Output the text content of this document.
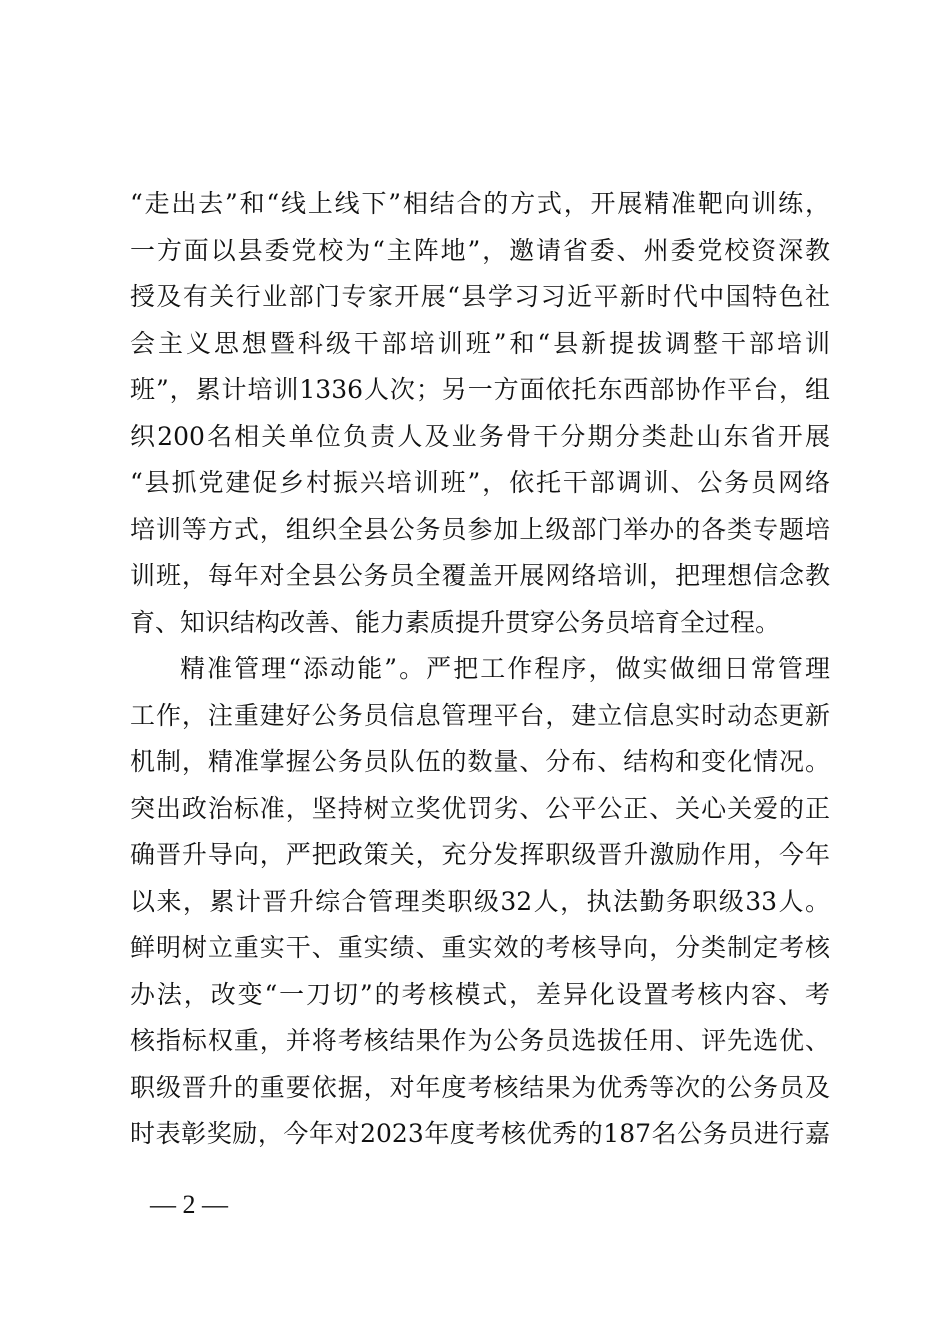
“走出去”和“线上线下”相结合的方式，开展精准靶向训练，
一方面以县委党校为“主阵地”，邀请省委、州委党校资深教
授及有关行业部门专家开展“县学习习近平新时代中国特色社
会主义思想暨科级干部培训班”和“县新提拔调整干部培训
班”，累计培训1336人次；另一方面依托东西部协作平台，组
织200名相关单位负责人及业务骨干分期分类赴山东省开展
“县抓党建促乡村振兴培训班”，依托干部调训、公务员网络
培训等方式，组织全县公务员参加上级部门举办的各类专题培
训班，每年对全县公务员全覆盖开展网络培训，把理想信念教
育、知识结构改善、能力素质提升贯穿公务员培育全过程。
精准管理“添动能”。严把工作程序，做实做细日常管理
工作，注重建好公务员信息管理平台，建立信息实时动态更新
机制，精准掌握公务员队伍的数量、分布、结构和变化情况。
突出政治标准，坚持树立奖优罚劣、公平公正、关心关爱的正
确晋升导向，严把政策关，充分发挥职级晋升激励作用，今年
以来，累计晋升综合管理类职级32人，执法勤务职级33人。
鲜明树立重实干、重实绩、重实效的考核导向，分类制定考核
办法，改变“一刀切”的考核模式，差异化设置考核内容、考
核指标权重，并将考核结果作为公务员选拔任用、评先选优、
职级晋升的重要依据，对年度考核结果为优秀等次的公务员及
时表彰奖励，今年对2023年度考核优秀的187名公务员进行嘉
— 2 —
